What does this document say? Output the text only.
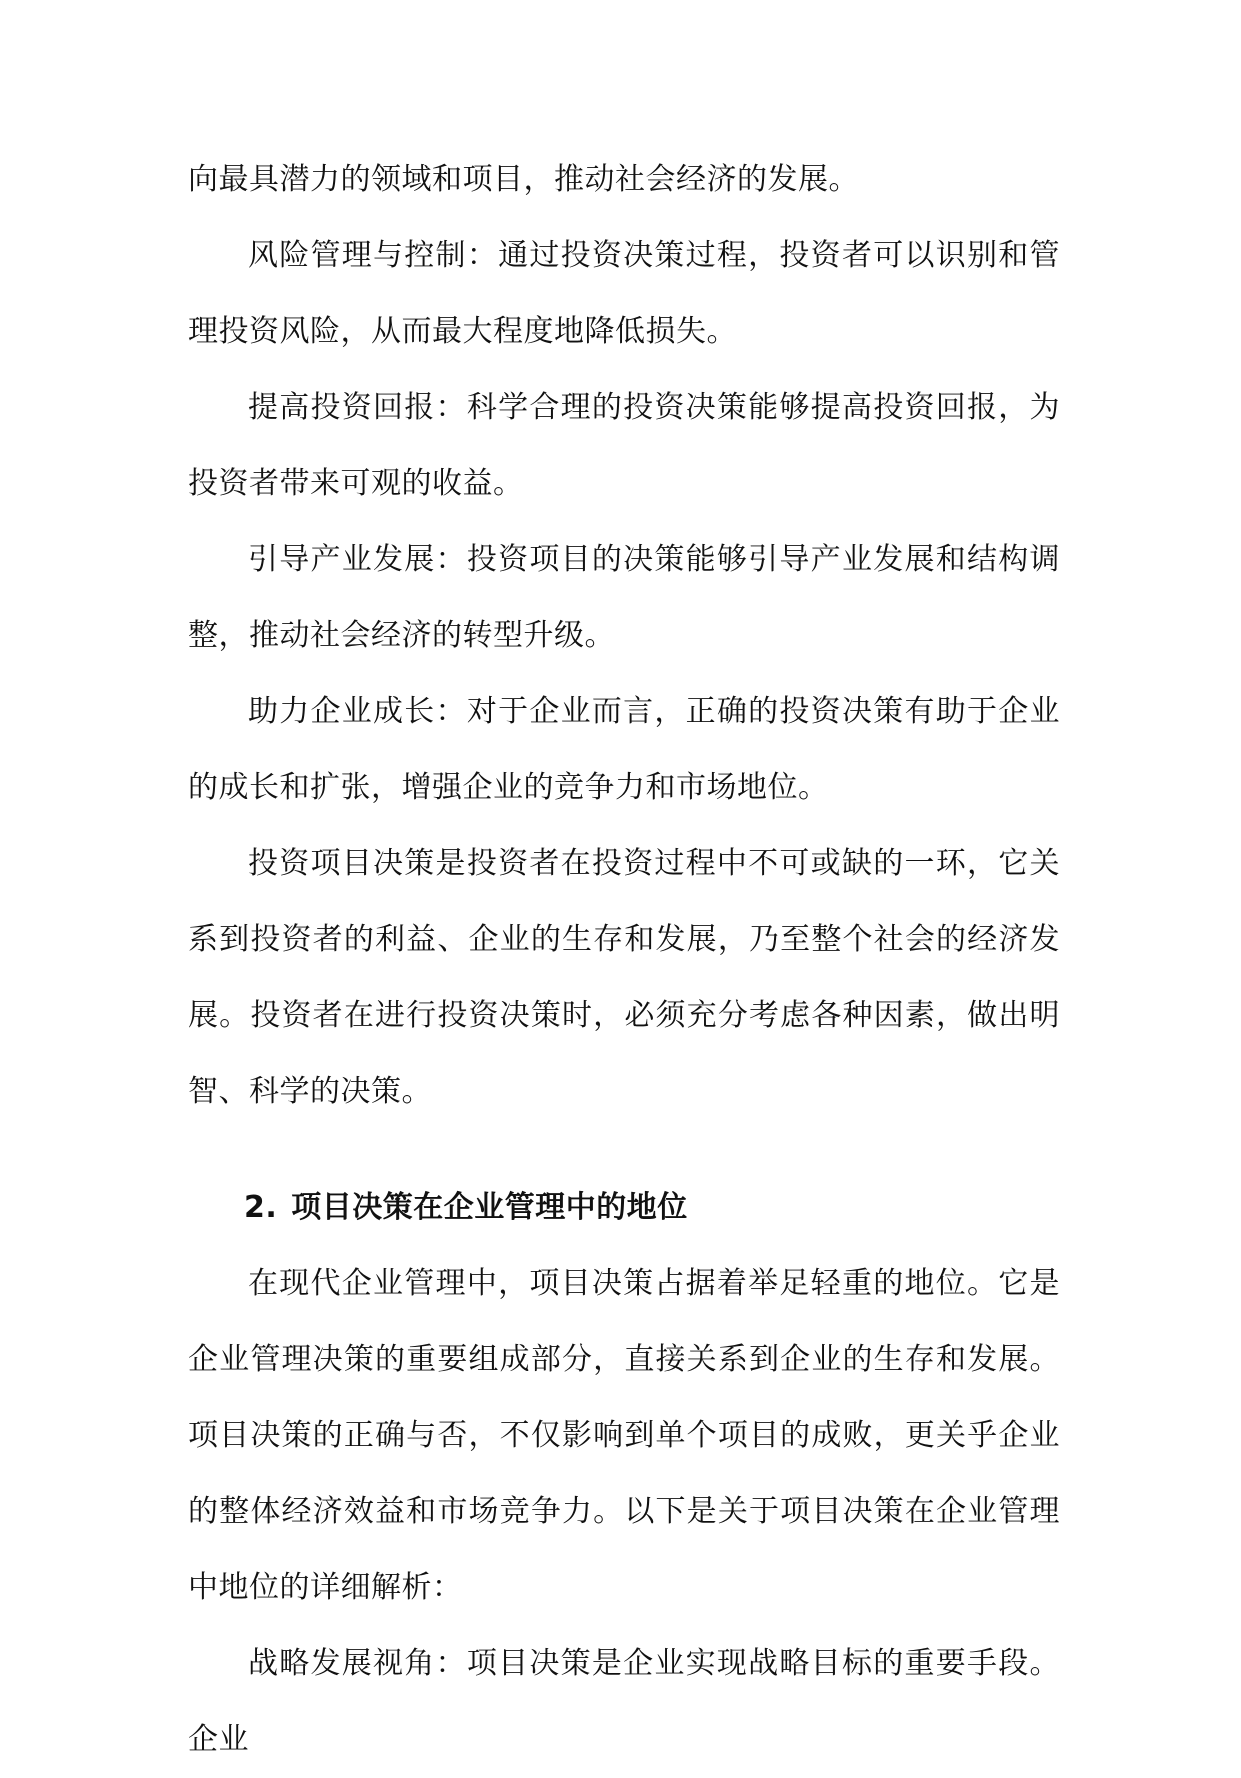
向最具潜力的领域和项目，推动社会经济的发展。

风险管理与控制：通过投资决策过程，投资者可以识别和管理投资风险，从而最大程度地降低损失。

提高投资回报：科学合理的投资决策能够提高投资回报，为投资者带来可观的收益。

引导产业发展：投资项目的决策能够引导产业发展和结构调整，推动社会经济的转型升级。

助力企业成长：对于企业而言，正确的投资决策有助于企业的成长和扩张，增强企业的竞争力和市场地位。

投资项目决策是投资者在投资过程中不可或缺的一环，它关系到投资者的利益、企业的生存和发展，乃至整个社会的经济发展。投资者在进行投资决策时，必须充分考虑各种因素，做出明智、科学的决策。

2. 项目决策在企业管理中的地位

在现代企业管理中，项目决策占据着举足轻重的地位。它是企业管理决策的重要组成部分，直接关系到企业的生存和发展。项目决策的正确与否，不仅影响到单个项目的成败，更关乎企业的整体经济效益和市场竞争力。以下是关于项目决策在企业管理中地位的详细解析：

战略发展视角：项目决策是企业实现战略目标的重要手段。企业
